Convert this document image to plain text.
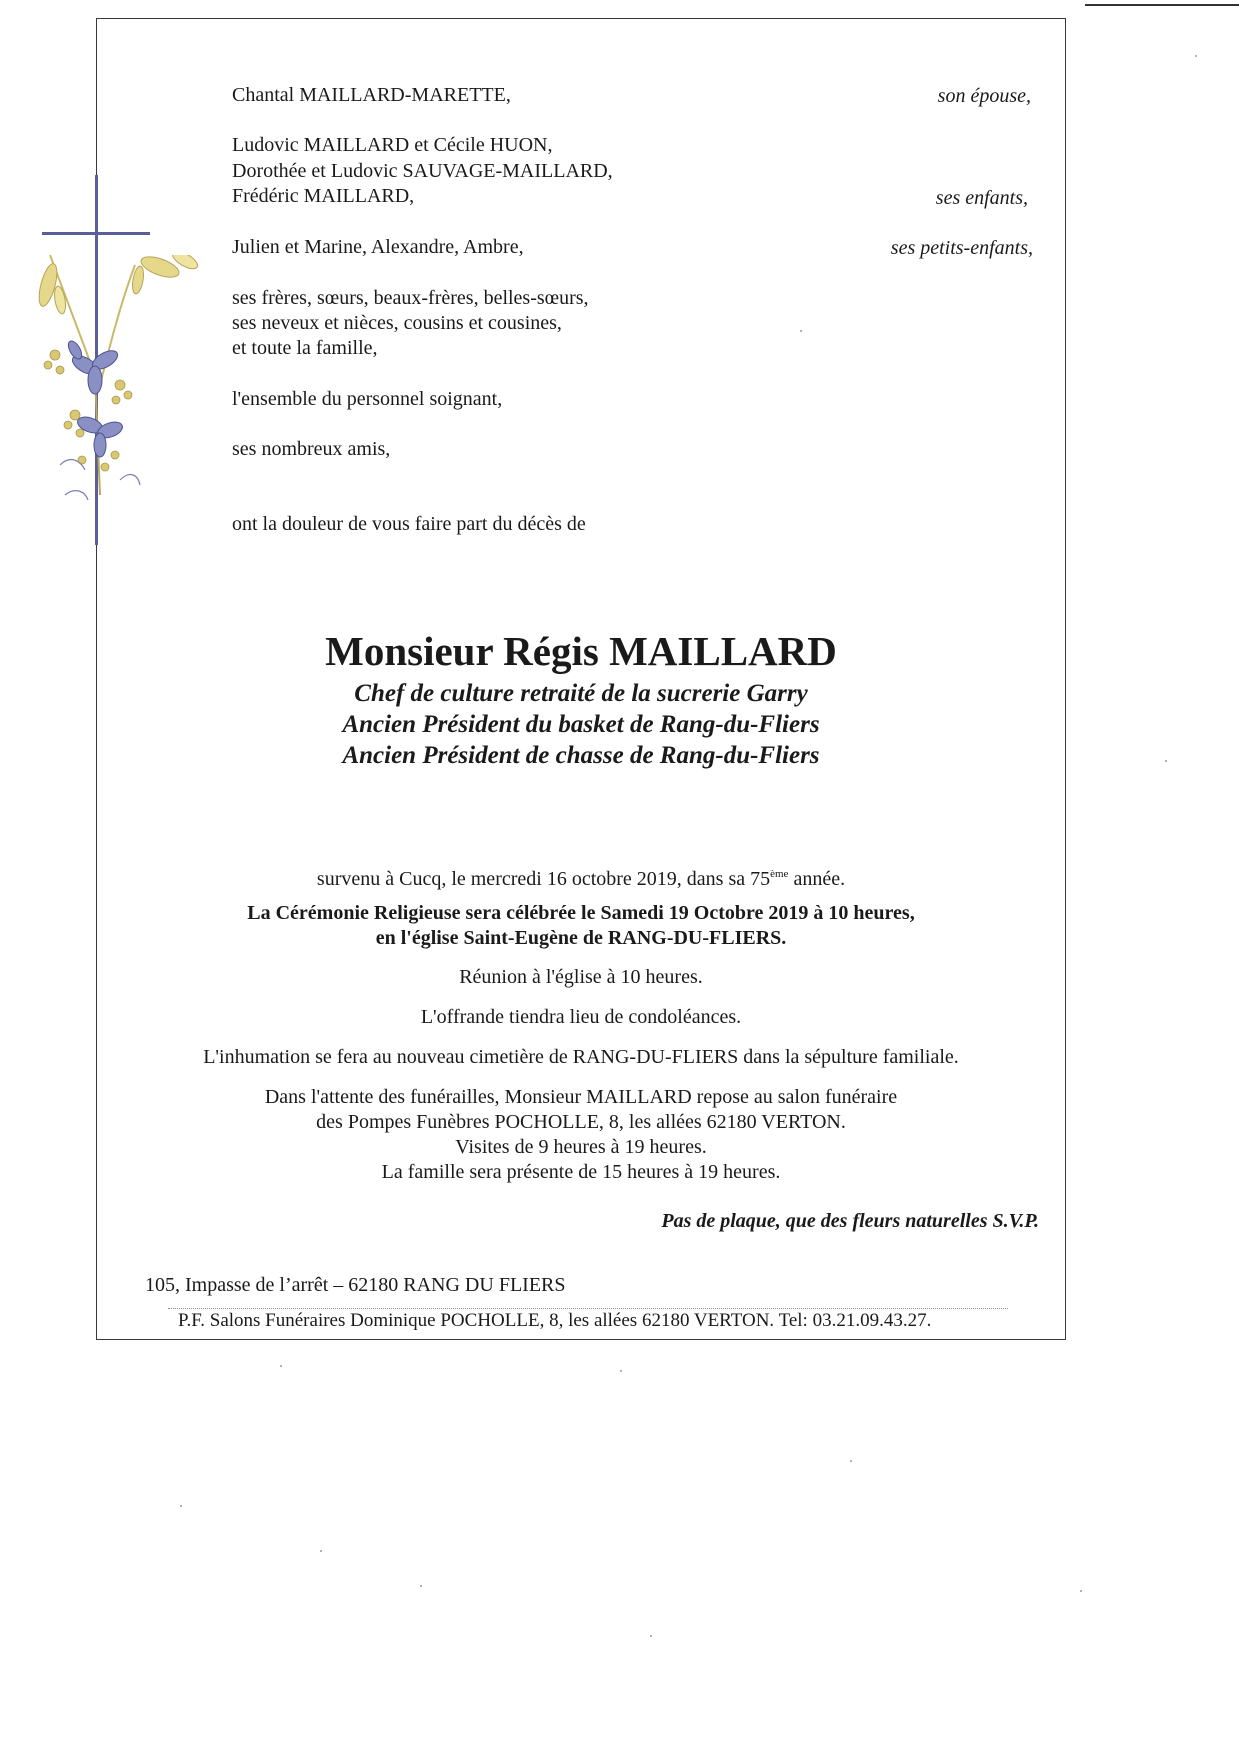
Chantal MAILLARD-MARETTE,	son épouse,
Ludovic MAILLARD et Cécile HUON,
Dorothée et Ludovic SAUVAGE-MAILLARD,
Frédéric MAILLARD,	ses enfants,
Julien et Marine, Alexandre, Ambre,	ses petits-enfants,
ses frères, sœurs, beaux-frères, belles-sœurs,
ses neveux et nièces, cousins et cousines,
et toute la famille,
l'ensemble du personnel soignant,
ses nombreux amis,
ont la douleur de vous faire part du décès de
Monsieur Régis MAILLARD
Chef de culture retraité de la sucrerie Garry
Ancien Président du basket de Rang-du-Fliers
Ancien Président de chasse de Rang-du-Fliers
survenu à Cucq, le mercredi 16 octobre 2019, dans sa 75ème année.
La Cérémonie Religieuse sera célébrée le Samedi 19 Octobre 2019 à 10 heures,
en l'église Saint-Eugène de RANG-DU-FLIERS.
Réunion à l'église à 10 heures.
L'offrande tiendra lieu de condoléances.
L'inhumation se fera au nouveau cimetière de RANG-DU-FLIERS dans la sépulture familiale.
Dans l'attente des funérailles, Monsieur MAILLARD repose au salon funéraire
des Pompes Funèbres POCHOLLE, 8, les allées 62180 VERTON.
Visites de 9 heures à 19 heures.
La famille sera présente de 15 heures à 19 heures.
Pas de plaque, que des fleurs naturelles S.V.P.
105, Impasse de l’arrêt – 62180 RANG DU FLIERS
P.F. Salons Funéraires Dominique POCHOLLE, 8, les allées 62180 VERTON. Tel: 03.21.09.43.27.
